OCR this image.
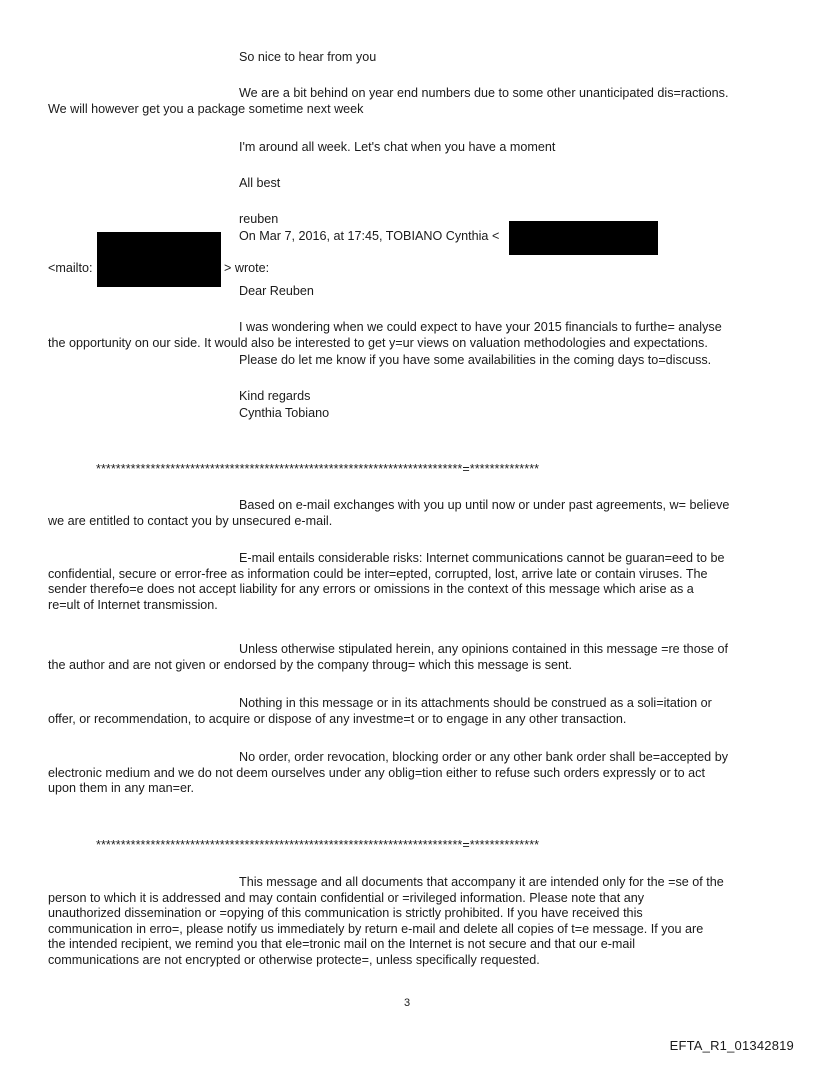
So nice to hear from you
We are a bit behind on year end numbers due to some other unanticipated dis=ractions.
We will however get you a package sometime next week
I'm around all week. Let's chat when you have a moment
All best
reuben
On Mar 7, 2016, at 17:45, TOBIANO Cynthia <
<mailto:	> wrote:
Dear Reuben
I was wondering when we could expect to have your 2015 financials to furthe= analyse
the opportunity on our side. It would also be interested to get y=ur views on valuation methodologies and expectations.
Please do let me know if you have some availabilities in the coming days to=discuss.
Kind regards
Cynthia Tobiano
**************************************************************************=**************
Based on e-mail exchanges with you up until now or under past agreements, w= believe
we are entitled to contact you by unsecured e-mail.
E-mail entails considerable risks: Internet communications cannot be guaran=eed to be
confidential, secure or error-free as information could be inter=epted, corrupted, lost, arrive late or contain viruses. The
sender therefo=e does not accept liability for any errors or omissions in the context of this message which arise as a
re=ult of Internet transmission.
Unless otherwise stipulated herein, any opinions contained in this message =re those of
the author and are not given or endorsed by the company throug= which this message is sent.
Nothing in this message or in its attachments should be construed as a soli=itation or
offer, or recommendation, to acquire or dispose of any investme=t or to engage in any other transaction.
No order, order revocation, blocking order or any other bank order shall be=accepted by
electronic medium and we do not deem ourselves under any oblig=tion either to refuse such orders expressly or to act
upon them in any man=er.
**************************************************************************=**************
This message and all documents that accompany it are intended only for the =se of the
person to which it is addressed and may contain confidential or =rivileged information. Please note that any
unauthorized dissemination or =opying of this communication is strictly prohibited. If you have received this
communication in erro=, please notify us immediately by return e-mail and delete all copies of t=e message. If you are
the intended recipient, we remind you that ele=tronic mail on the Internet is not secure and that our e-mail
communications are not encrypted or otherwise protecte=, unless specifically requested.
3
EFTA_R1_01342819
